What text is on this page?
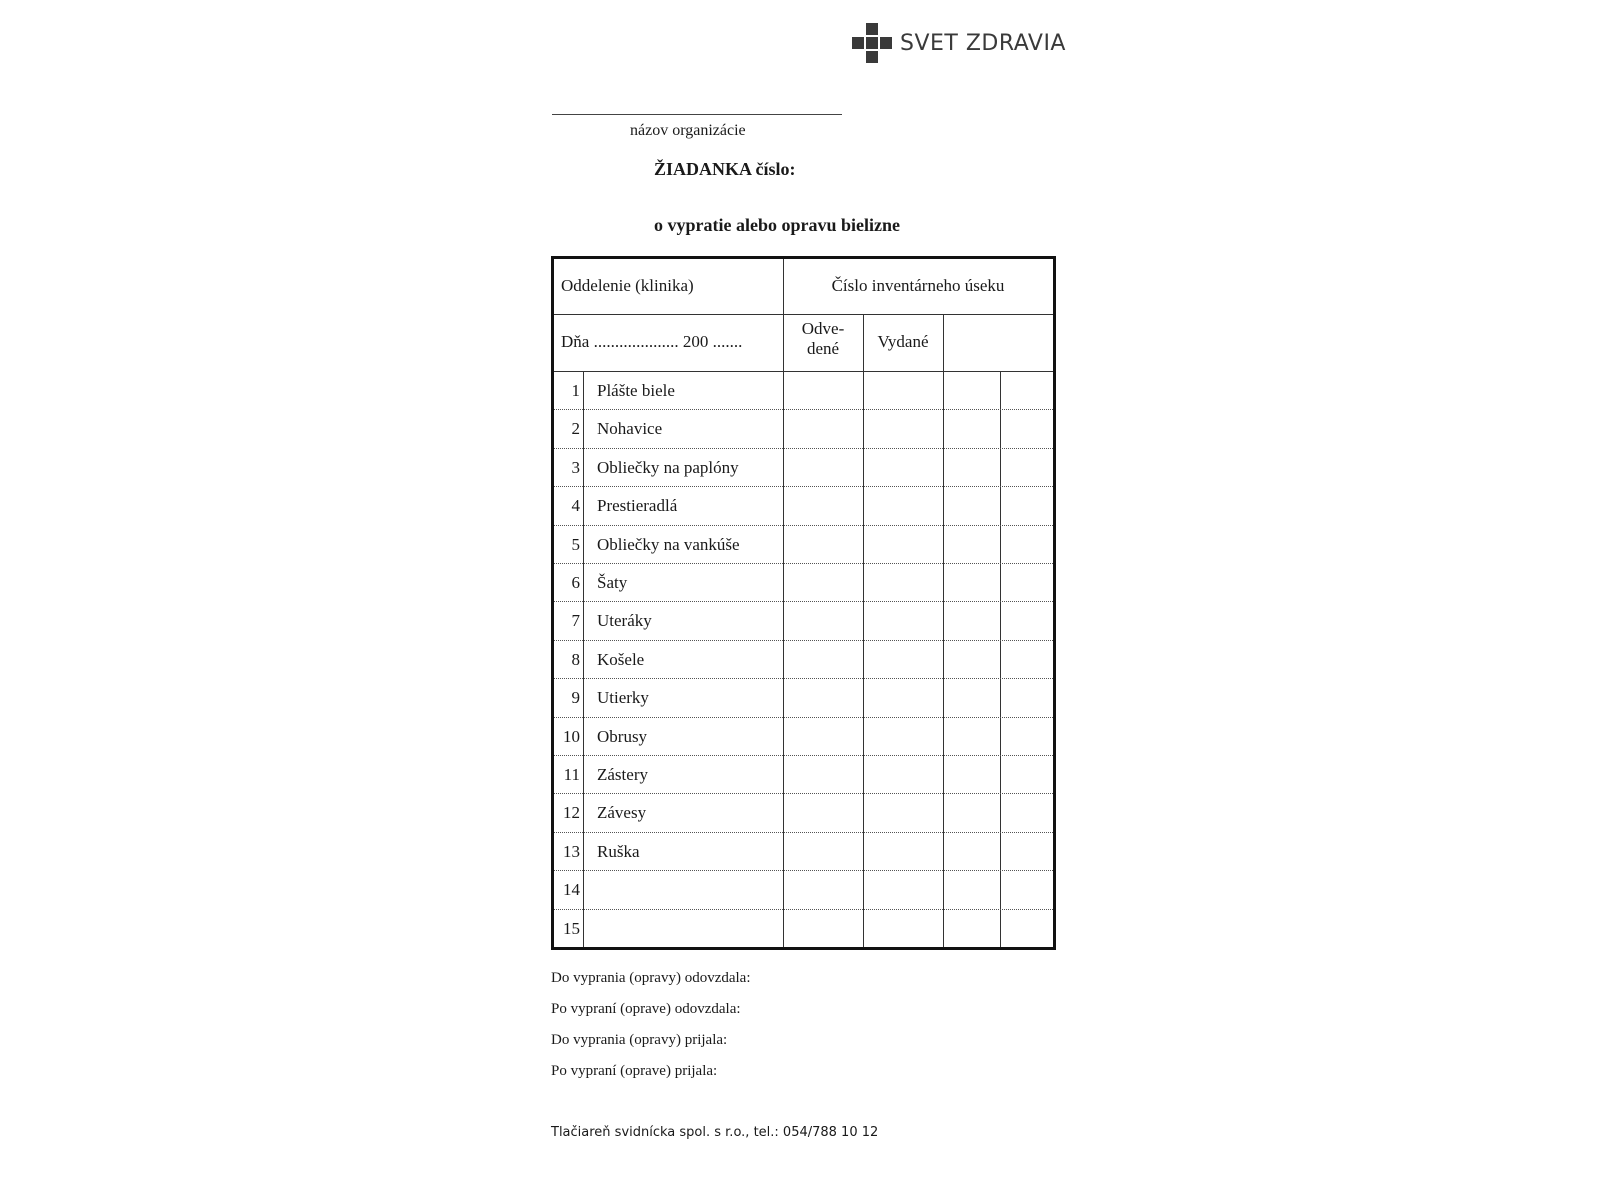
SVET ZDRAVIA
názov organizácie
ŽIADANKA číslo:
o vypratie alebo opravu bielizne
Oddelenie (klinika)	Číslo inventárneho úseku
Dňa .................... 200 .......
Odve-
dené	Vydané
1 Plášte biele
2 Nohavice
3 Obliečky na paplóny
4 Prestieradlá
5 Obliečky na vankúše
6 Šaty
7 Uteráky
8 Košele
9 Utierky
10 Obrusy
11 Zástery
12 Závesy
13 Ruška
14
15
Do vyprania (opravy) odovzdala:
Po vypraní (oprave) odovzdala:
Do vyprania (opravy) prijala:
Po vypraní (oprave) prijala:
Tlačiareň svidnícka spol. s r.o., tel.: 054/788 10 12
